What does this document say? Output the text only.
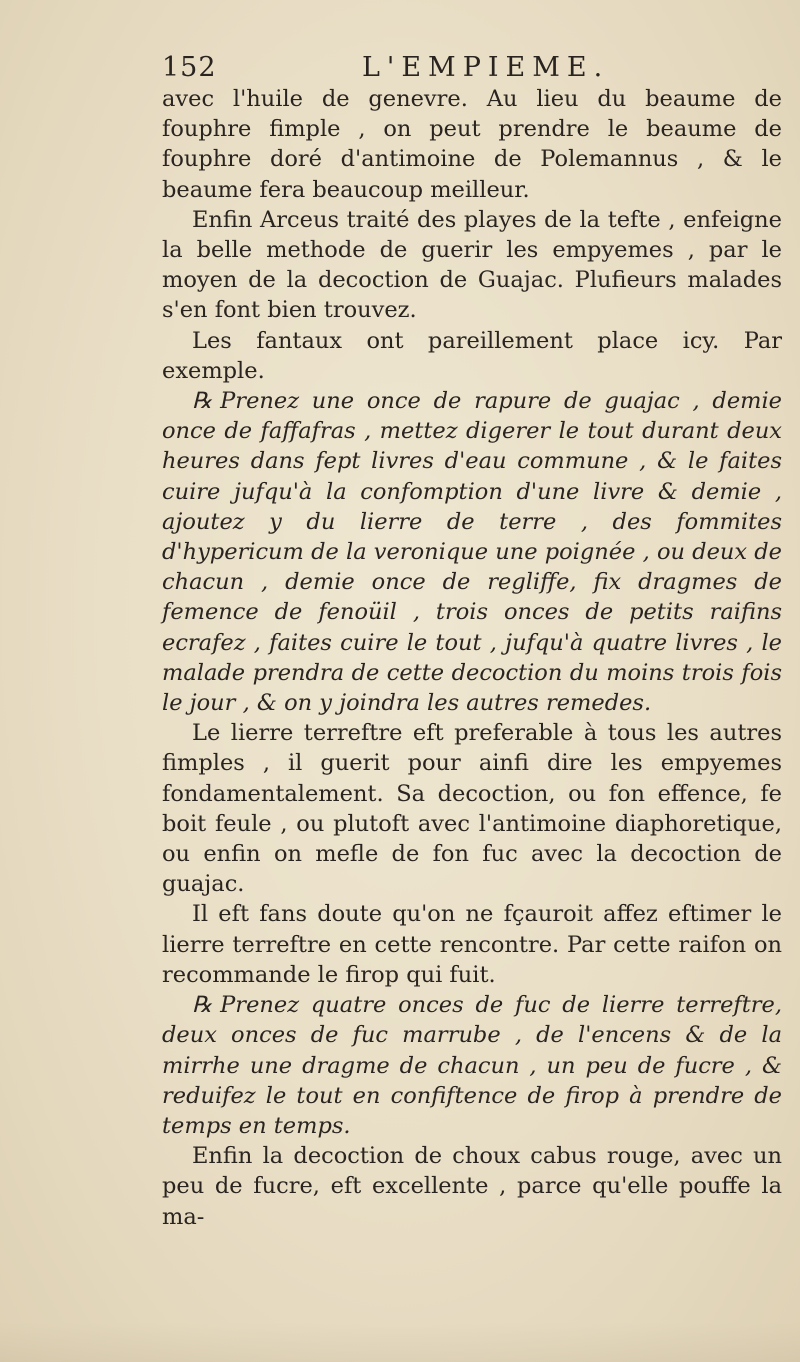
152	L'EMPIEME.

avec l'huile de genevre. Au lieu du beaume de fouphre fimple , on peut prendre le beaume de fouphre doré d'antimoine de Polemannus , & le beaume fera beaucoup meilleur.

Enfin Arceus traité des playes de la tefte , enfeigne la belle methode de guerir les empyemes , par le moyen de la decoction de Guajac. Plufieurs malades s'en font bien trouvez.

Les fantaux ont pareillement place icy. Par exemple.

℞ Prenez une once de rapure de guajac , demie once de faffafras , mettez digerer le tout durant deux heures dans fept livres d'eau commune , & le faites cuire jufqu'à la confomption d'une livre & demie , ajoutez y du lierre de terre , des fommites d'hypericum de la veronique une poignée , ou deux de chacun , demie once de regliffe, fix dragmes de femence de fenoüil , trois onces de petits raifins ecrafez , faites cuire le tout , jufqu'à quatre livres , le malade prendra de cette decoction du moins trois fois le jour , & on y joindra les autres remedes.

Le lierre terreftre eft preferable à tous les autres fimples , il guerit pour ainfi dire les empyemes fondamentalement. Sa decoction, ou fon effence, fe boit feule , ou plutoft avec l'antimoine diaphoretique, ou enfin on mefle de fon fuc avec la decoction de guajac.

Il eft fans doute qu'on ne fçauroit affez eftimer le lierre terreftre en cette rencontre. Par cette raifon on recommande le firop qui fuit.

℞ Prenez quatre onces de fuc de lierre terreftre, deux onces de fuc marrube , de l'encens & de la mirrhe une dragme de chacun , un peu de fucre , & reduifez le tout en confiftence de firop à prendre de temps en temps.

Enfin la decoction de choux cabus rouge, avec un peu de fucre, eft excellente , parce qu'elle pouffe la ma-
